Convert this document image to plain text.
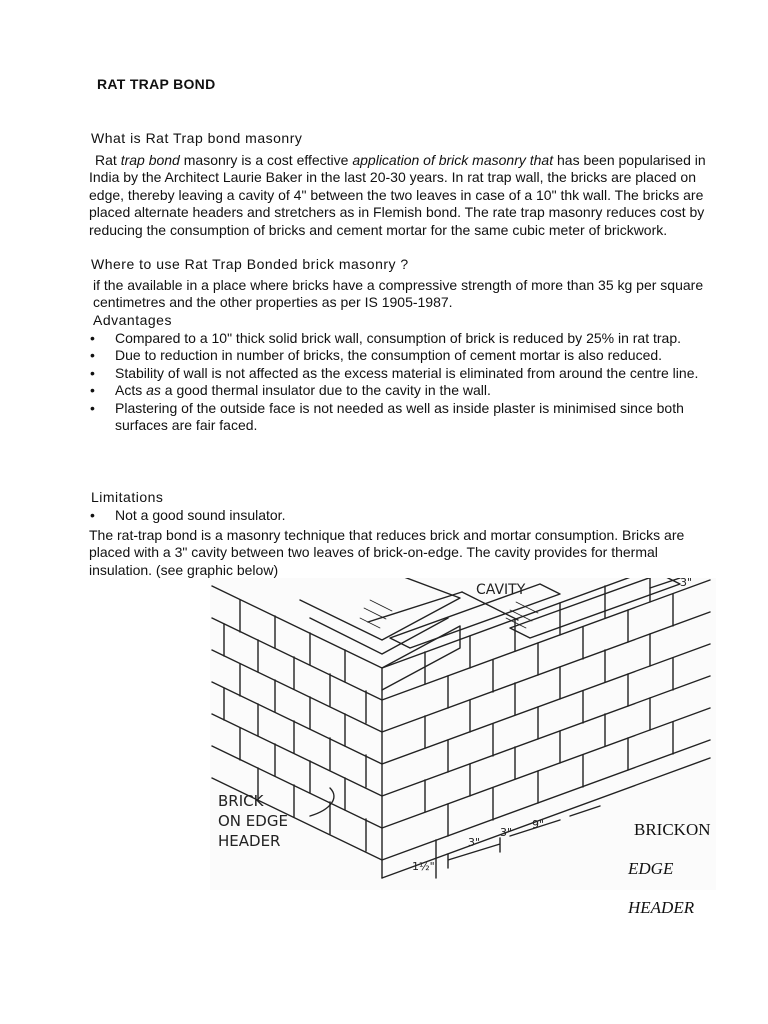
RAT TRAP BOND
What is Rat Trap bond masonry
Rat trap bond masonry is a cost effective application of brick masonry that has been popularised in India by the Architect Laurie Baker in the last 20-30 years. In rat trap wall, the bricks are placed on edge, thereby leaving a cavity of 4" between the two leaves in case of a 10" thk wall. The bricks are placed alternate headers and stretchers as in Flemish bond. The rate trap masonry reduces cost by reducing the consumption of bricks and cement mortar for the same cubic meter of brickwork.
Where to use Rat Trap Bonded brick masonry ?
if the available in a place where bricks have a compressive strength of more than 35 kg per square centimetres and the other properties as per IS 1905-1987.
Advantages
• Compared to a 10" thick solid brick wall, consumption of brick is reduced by 25% in rat trap.
• Due to reduction in number of bricks, the consumption of cement mortar is also reduced.
• Stability of wall is not affected as the excess material is eliminated from around the centre line.
• Acts as a good thermal insulator due to the cavity in the wall.
• Plastering of the outside face is not needed as well as inside plaster is minimised since both surfaces are fair faced.
Limitations
• Not a good sound insulator.
The rat-trap bond is a masonry technique that reduces brick and mortar consumption. Bricks are placed with a 3" cavity between two leaves of brick-on-edge. The cavity provides for thermal insulation. (see graphic below)
CAVITY
BRICK
ON EDGE
HEADER	3"
3"
3"
9"
1½"
BRICKON
EDGE
HEADER
